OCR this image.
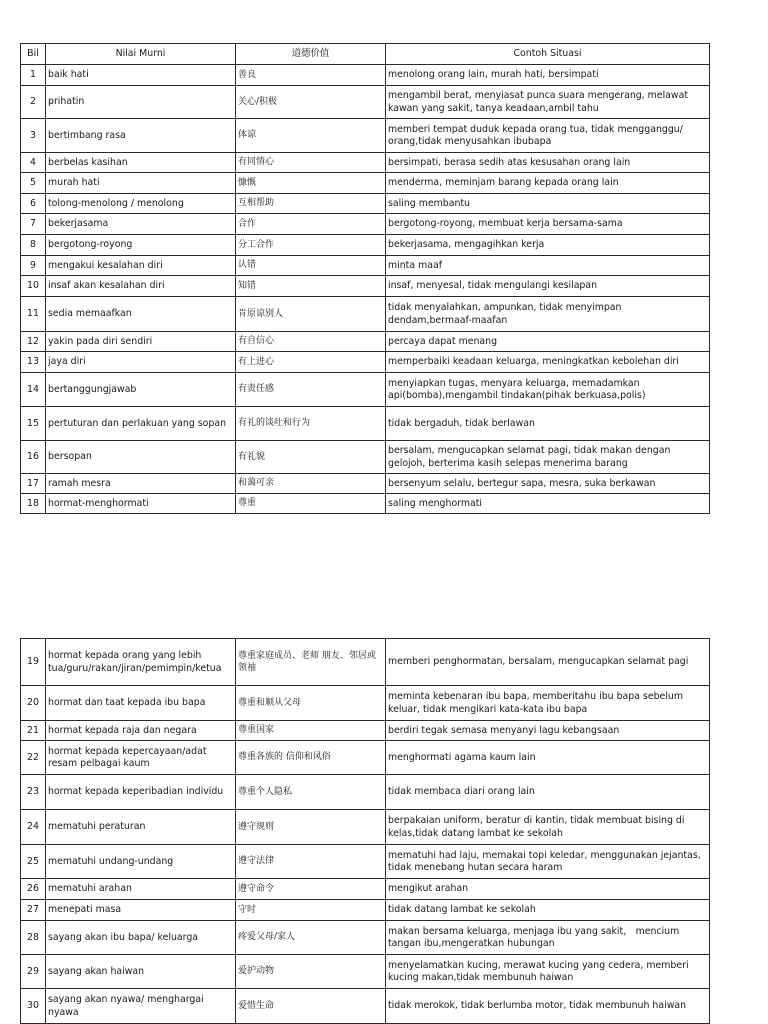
Bil	Nilai Murni	道德价值	Contoh Situasi
1	baik hati	善良	menolong orang lain, murah hati, bersimpati
2	prihatin	关心/积极	mengambil berat, menyiasat punca suara mengerang, melawat kawan yang sakit, tanya keadaan,ambil tahu
3	bertimbang rasa	体谅	memberi tempat duduk kepada orang tua, tidak mengganggu/ orang,tidak menyusahkan ibubapa
4	berbelas kasihan	有同情心	bersimpati, berasa sedih atas kesusahan orang lain
5	murah hati	慷慨	menderma, meminjam barang kepada orang lain
6	tolong-menolong / menolong	互相帮助	saling membantu
7	bekerjasama	合作	bergotong-royong, membuat kerja bersama-sama
8	bergotong-royong	分工合作	bekerjasama, mengagihkan kerja
9	mengakui kesalahan diri	认错	minta maaf
10	insaf akan kesalahan diri	知错	insaf, menyesal, tidak mengulangi kesilapan
11	sedia memaafkan	肯原谅别人	tidak menyalahkan, ampunkan, tidak menyimpan dendam,bermaaf-maafan
12	yakin pada diri sendiri	有自信心	percaya dapat menang
13	jaya diri	有上进心	memperbaiki keadaan keluarga, meningkatkan kebolehan diri
14	bertanggungjawab	有责任感	menyiapkan tugas, menyara keluarga, memadamkan api(bomba),mengambil tindakan(pihak berkuasa,polis)
15	pertuturan dan perlakuan yang sopan	有礼的谈吐和行为	tidak bergaduh, tidak berlawan
16	bersopan	有礼貌	bersalam, mengucapkan selamat pagi, tidak makan dengan gelojoh, berterima kasih selepas menerima barang
17	ramah mesra	和蔼可亲	bersenyum selalu, bertegur sapa, mesra, suka berkawan
18	hormat-menghormati	尊重	saling menghormati
19	hormat kepada orang yang lebih tua/guru/rakan/jiran/pemimpin/ketua	尊重家庭成员、老师 朋友、邻居或领袖	memberi penghormatan, bersalam, mengucapkan selamat pagi
20	hormat dan taat kepada ibu bapa	尊重和顺从父母	meminta kebenaran ibu bapa, memberitahu ibu bapa sebelum keluar, tidak mengikari kata-kata ibu bapa
21	hormat kepada raja dan negara	尊重国家	berdiri tegak semasa menyanyi lagu kebangsaan
22	hormat kepada kepercayaan/adat resam pelbagai kaum	尊重各族的 信仰和风俗	menghormati agama kaum lain
23	hormat kepada keperibadian individu	尊重个人隐私	tidak membaca diari orang lain
24	mematuhi peraturan	遵守规则	berpakaian uniform, beratur di kantin, tidak membuat bising di kelas,tidak datang lambat ke sekolah
25	mematuhi undang-undang	遵守法律	mematuhi had laju, memakai topi keledar, menggunakan jejantas, tidak menebang hutan secara haram
26	mematuhi arahan	遵守命令	mengikut arahan
27	menepati masa	守时	tidak datang lambat ke sekolah
28	sayang akan ibu bapa/ keluarga	疼爱父母/家人	makan bersama keluarga, menjaga ibu yang sakit， mencium tangan ibu,mengeratkan hubungan
29	sayang akan haiwan	爱护动物	menyelamatkan kucing, merawat kucing yang cedera, memberi kucing makan,tidak membunuh haiwan
30	sayang akan nyawa/ menghargai nyawa	爱惜生命	tidak merokok, tidak berlumba motor, tidak membunuh haiwan
